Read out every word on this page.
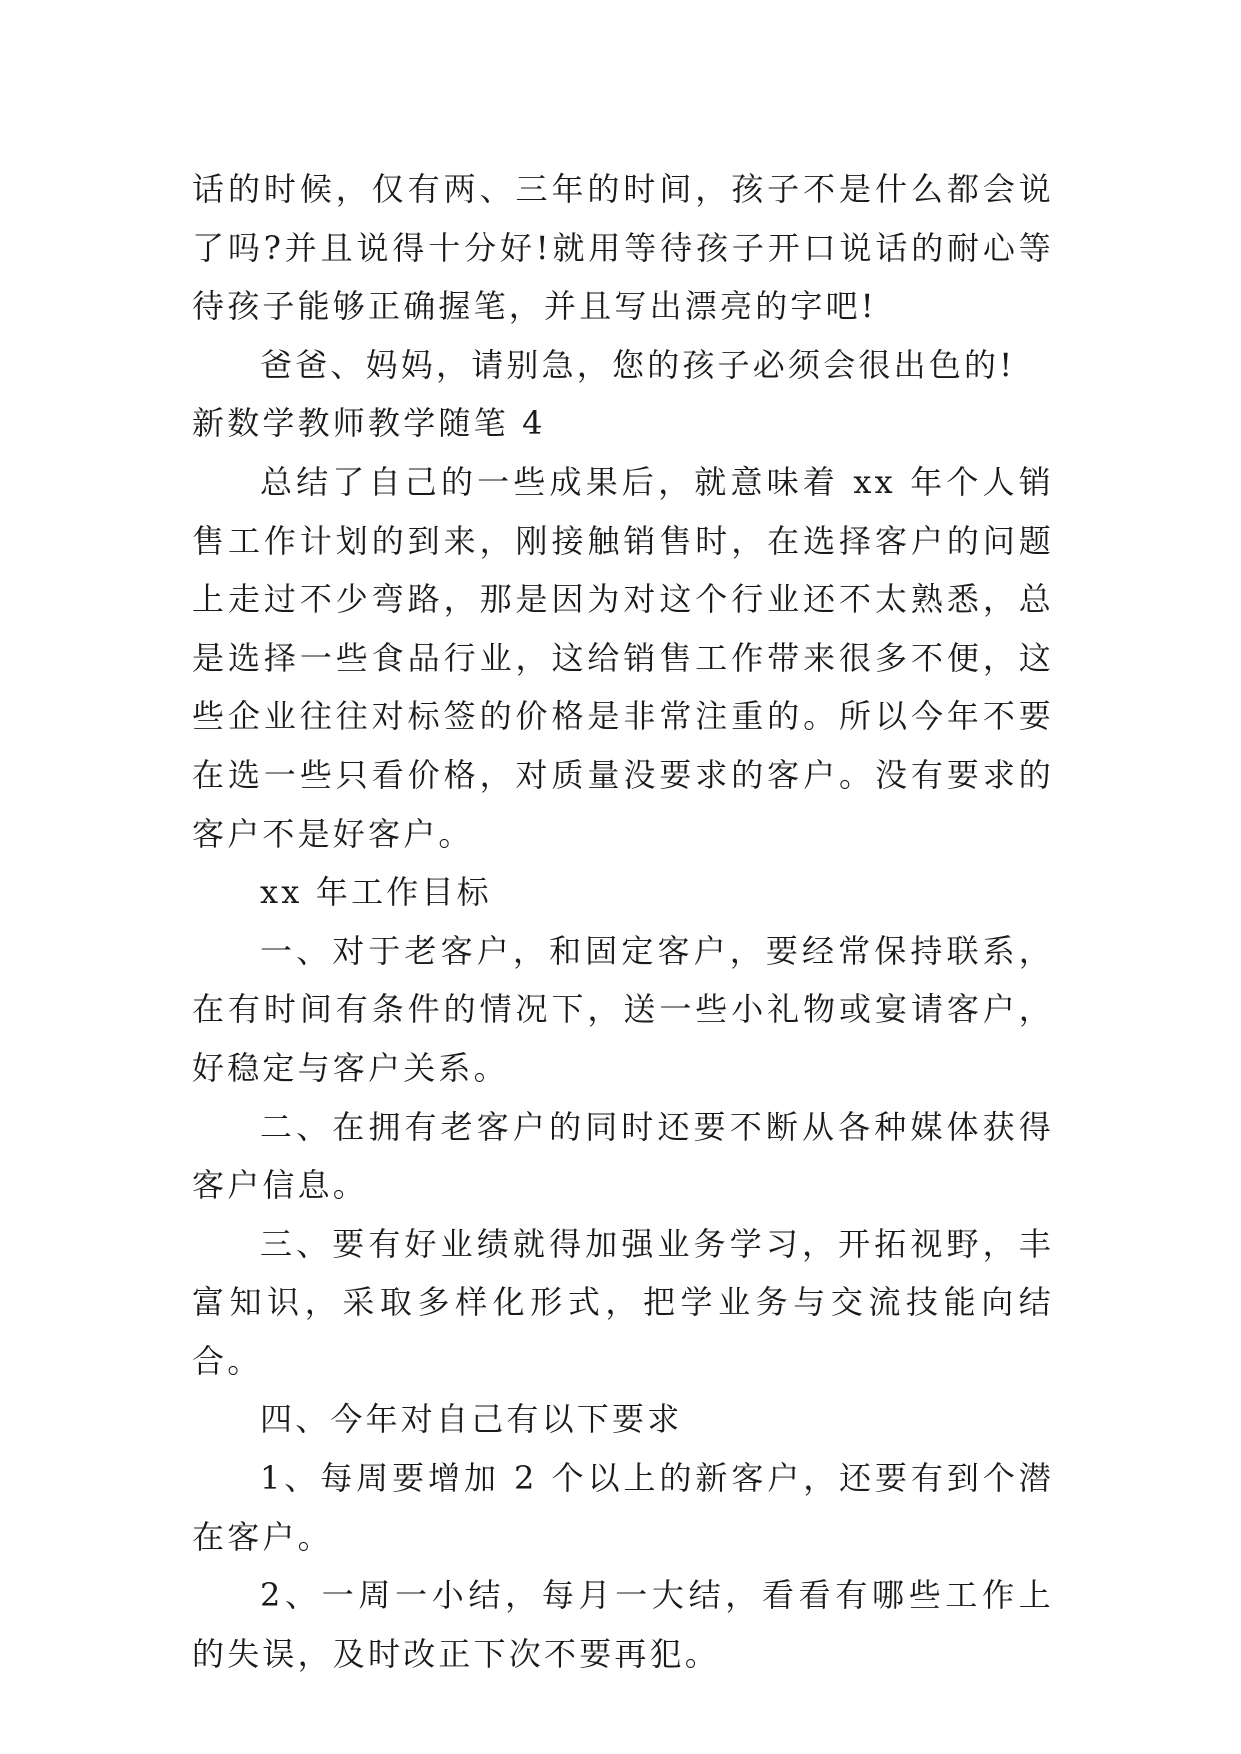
话的时候，仅有两、三年的时间，孩子不是什么都会说了吗?并且说得十分好!就用等待孩子开口说话的耐心等待孩子能够正确握笔，并且写出漂亮的字吧!

爸爸、妈妈，请别急，您的孩子必须会很出色的!

新数学教师教学随笔 4

总结了自己的一些成果后，就意味着 xx 年个人销售工作计划的到来，刚接触销售时，在选择客户的问题上走过不少弯路，那是因为对这个行业还不太熟悉，总是选择一些食品行业，这给销售工作带来很多不便，这些企业往往对标签的价格是非常注重的。所以今年不要在选一些只看价格，对质量没要求的客户。没有要求的客户不是好客户。

xx 年工作目标

一、对于老客户，和固定客户，要经常保持联系，在有时间有条件的情况下，送一些小礼物或宴请客户，好稳定与客户关系。

二、在拥有老客户的同时还要不断从各种媒体获得客户信息。

三、要有好业绩就得加强业务学习，开拓视野，丰富知识，采取多样化形式，把学业务与交流技能向结合。

四、今年对自己有以下要求

1、每周要增加 2 个以上的新客户，还要有到个潜在客户。

2、一周一小结，每月一大结，看看有哪些工作上的失误，及时改正下次不要再犯。
